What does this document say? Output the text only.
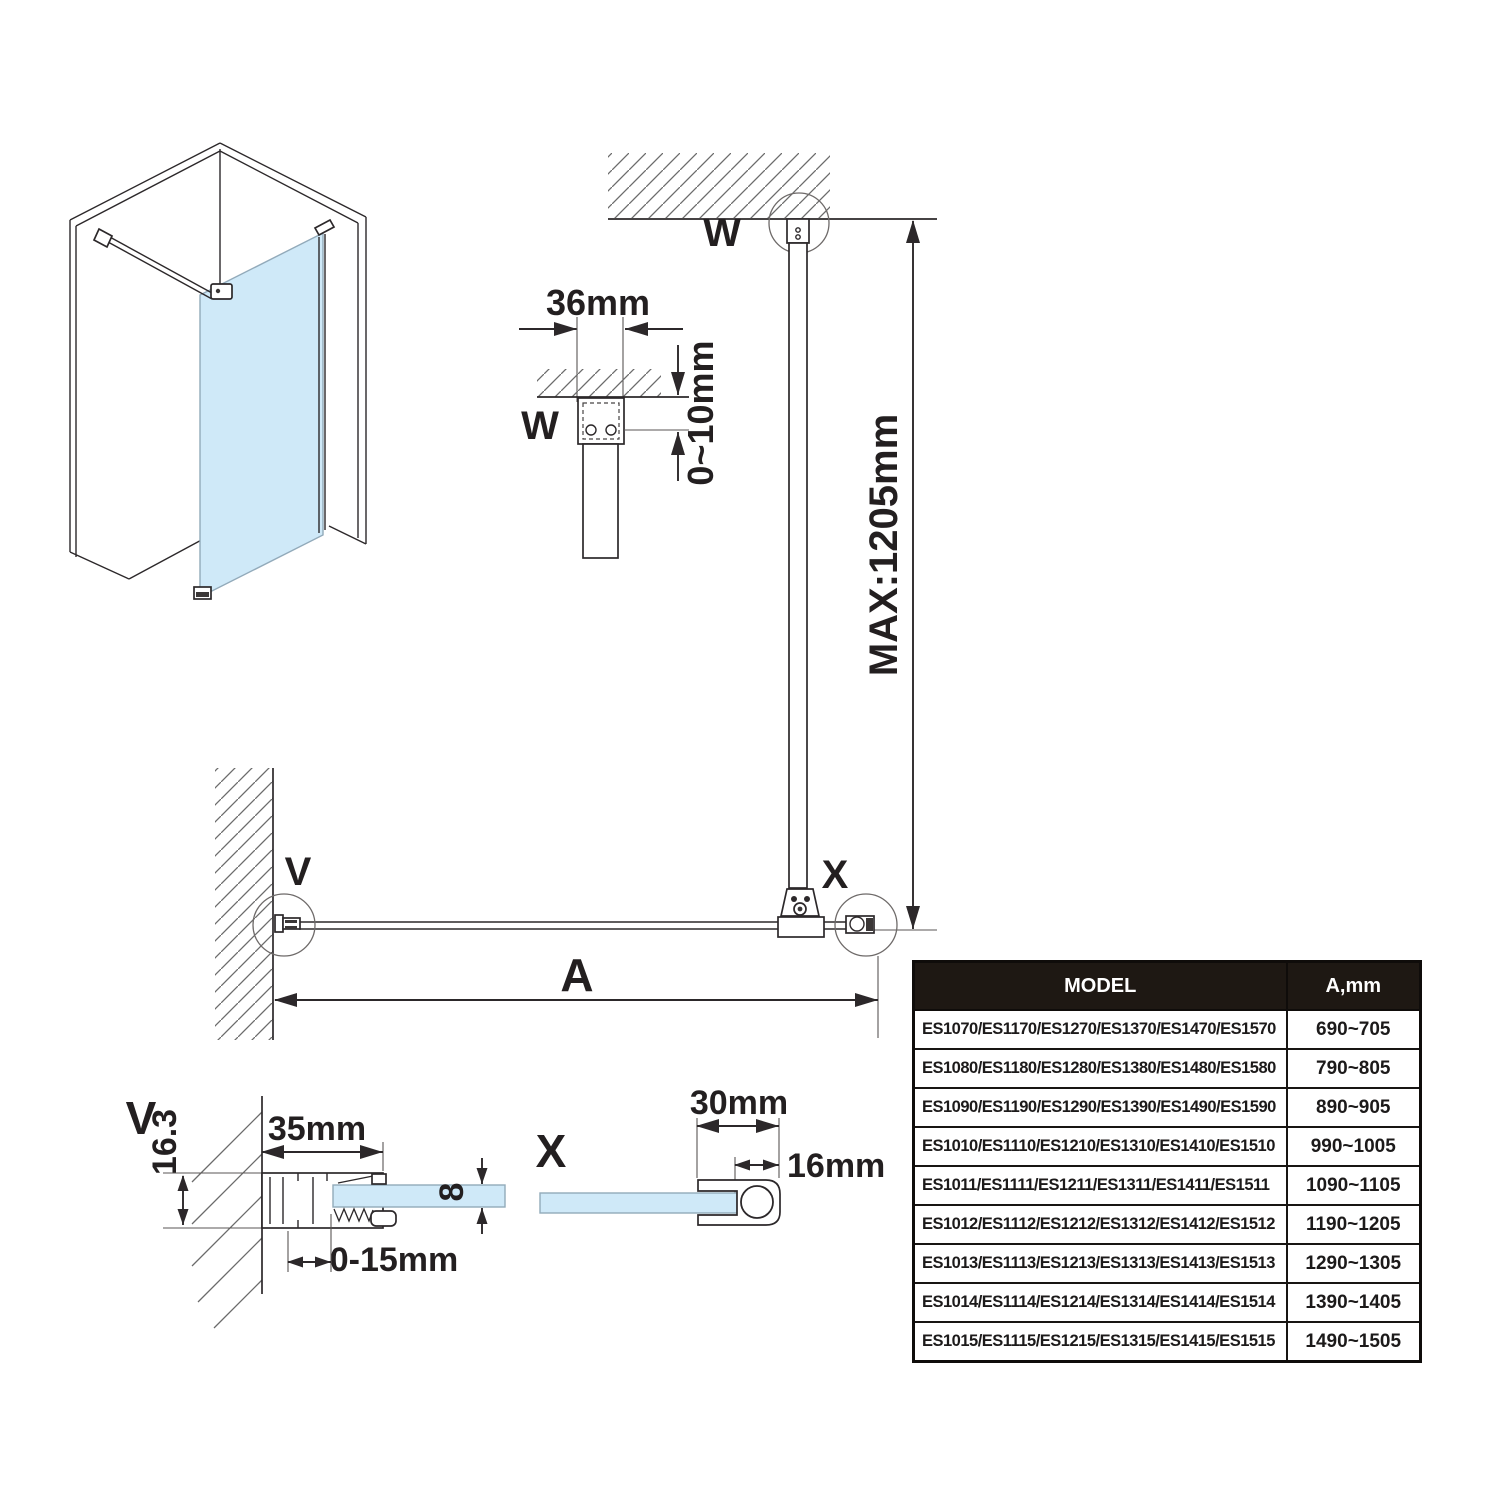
36mm
0~10mm
W
W
MAX:1205mm
V	X
A
V
16.3 35mm
8
0-15mm
X
30mm
16mm
MODEL	A,mm
ES1070/ES1170/ES1270/ES1370/ES1470/ES1570	690~705
ES1080/ES1180/ES1280/ES1380/ES1480/ES1580	790~805
ES1090/ES1190/ES1290/ES1390/ES1490/ES1590	890~905
ES1010/ES1110/ES1210/ES1310/ES1410/ES1510	990~1005
ES1011/ES1111/ES1211/ES1311/ES1411/ES1511	1090~1105
ES1012/ES1112/ES1212/ES1312/ES1412/ES1512	1190~1205
ES1013/ES1113/ES1213/ES1313/ES1413/ES1513	1290~1305
ES1014/ES1114/ES1214/ES1314/ES1414/ES1514	1390~1405
ES1015/ES1115/ES1215/ES1315/ES1415/ES1515	1490~1505
